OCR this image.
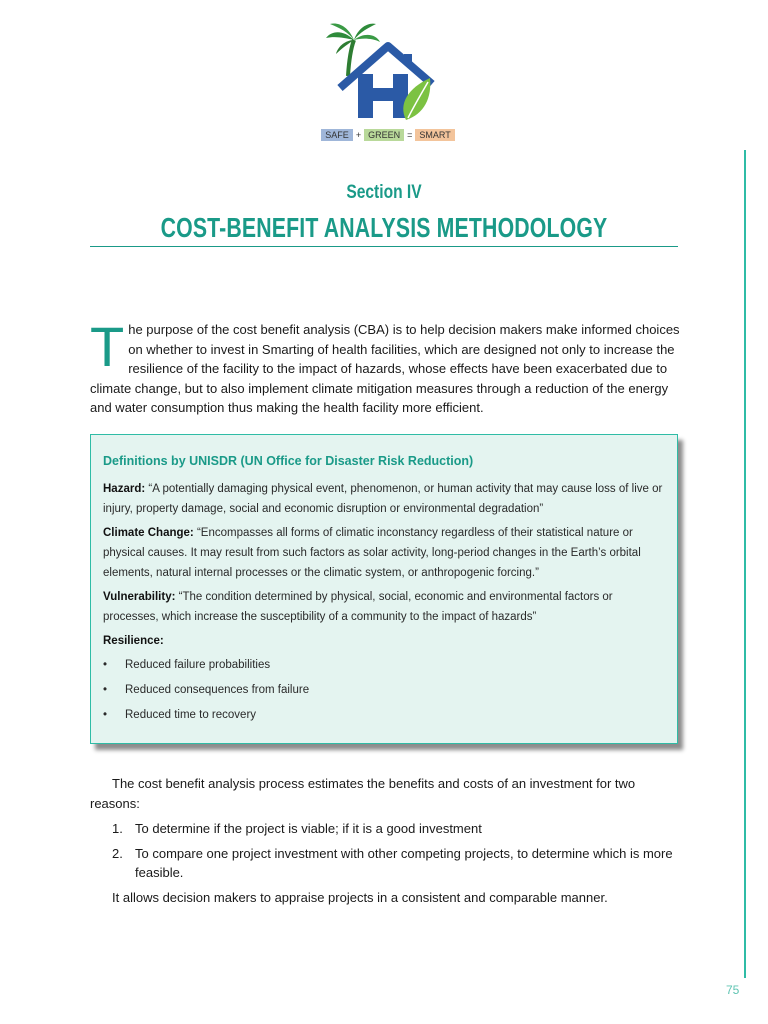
SAFE + GREEN = SMART
Section IV
COST-BENEFIT ANALYSIS METHODOLOGY
T he purpose of the cost benefit analysis (CBA) is to help decision makers make informed choices on whether to invest in Smarting of health facilities, which are designed not only to increase the resilience of the facility to the impact of hazards, whose effects have been exacerbated due to climate change, but to also implement climate mitigation measures through a reduction of the energy and water consumption thus making the health facility more efficient.

Definitions by UNISDR (UN Office for Disaster Risk Reduction)

Hazard: “A potentially damaging physical event, phenomenon, or human activity that may cause loss of live or injury, property damage, social and economic disruption or environmental degradation”

Climate Change: “Encompasses all forms of climatic inconstancy regardless of their statistical nature or physical causes. It may result from such factors as solar activity, long-period changes in the Earth’s orbital elements, natural internal processes or the climatic system, or anthropogenic forcing.”

Vulnerability: “The condition determined by physical, social, economic and environmental factors or processes, which increase the susceptibility of a community to the impact of hazards”

Resilience:

• Reduced failure probabilities
• Reduced consequences from failure
• Reduced time to recovery

The cost benefit analysis process estimates the benefits and costs of an investment for two reasons:

1. To determine if the project is viable; if it is a good investment
2. To compare one project investment with other competing projects, to determine which is more feasible.

It allows decision makers to appraise projects in a consistent and comparable manner.

75
